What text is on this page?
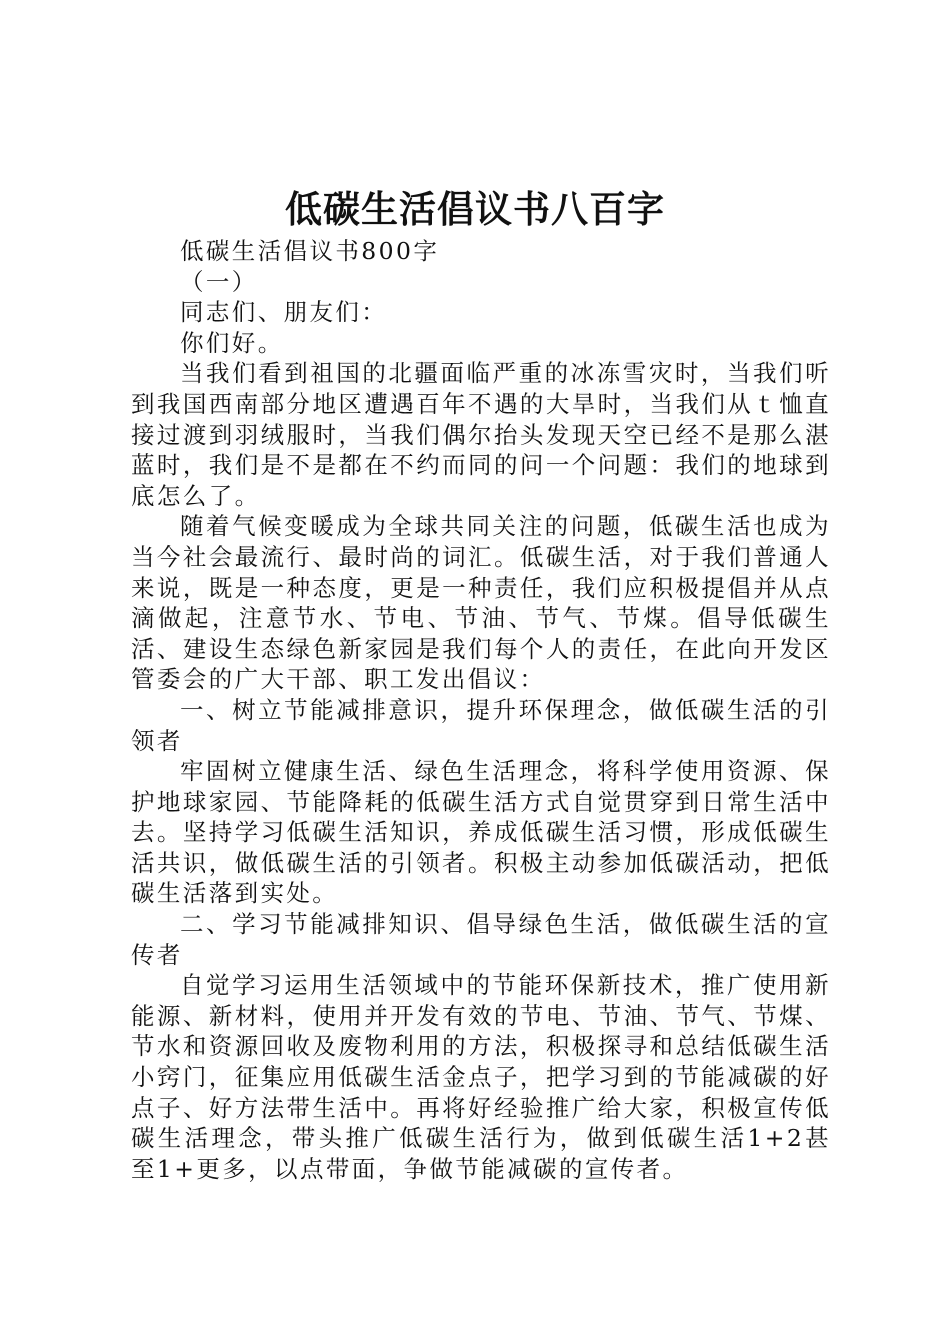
低碳生活倡议书八百字

低碳生活倡议书800字

（一）

同志们、朋友们：

你们好。

当我们看到祖国的北疆面临严重的冰冻雪灾时，当我们听到我国西南部分地区遭遇百年不遇的大旱时，当我们从ｔ恤直接过渡到羽绒服时，当我们偶尔抬头发现天空已经不是那么湛蓝时，我们是不是都在不约而同的问一个问题：我们的地球到底怎么了。

随着气候变暖成为全球共同关注的问题，低碳生活也成为当今社会最流行、最时尚的词汇。低碳生活，对于我们普通人来说，既是一种态度，更是一种责任，我们应积极提倡并从点滴做起，注意节水、节电、节油、节气、节煤。倡导低碳生活、建设生态绿色新家园是我们每个人的责任，在此向开发区管委会的广大干部、职工发出倡议：

一、树立节能减排意识，提升环保理念，做低碳生活的引领者

牢固树立健康生活、绿色生活理念，将科学使用资源、保护地球家园、节能降耗的低碳生活方式自觉贯穿到日常生活中去。坚持学习低碳生活知识，养成低碳生活习惯，形成低碳生活共识，做低碳生活的引领者。积极主动参加低碳活动，把低碳生活落到实处。

二、学习节能减排知识、倡导绿色生活，做低碳生活的宣传者

自觉学习运用生活领域中的节能环保新技术，推广使用新能源、新材料，使用并开发有效的节电、节油、节气、节煤、节水和资源回收及废物利用的方法，积极探寻和总结低碳生活小窍门，征集应用低碳生活金点子，把学习到的节能减碳的好点子、好方法带生活中。再将好经验推广给大家，积极宣传低碳生活理念，带头推广低碳生活行为，做到低碳生活1+2甚至1+更多，以点带面，争做节能减碳的宣传者。
